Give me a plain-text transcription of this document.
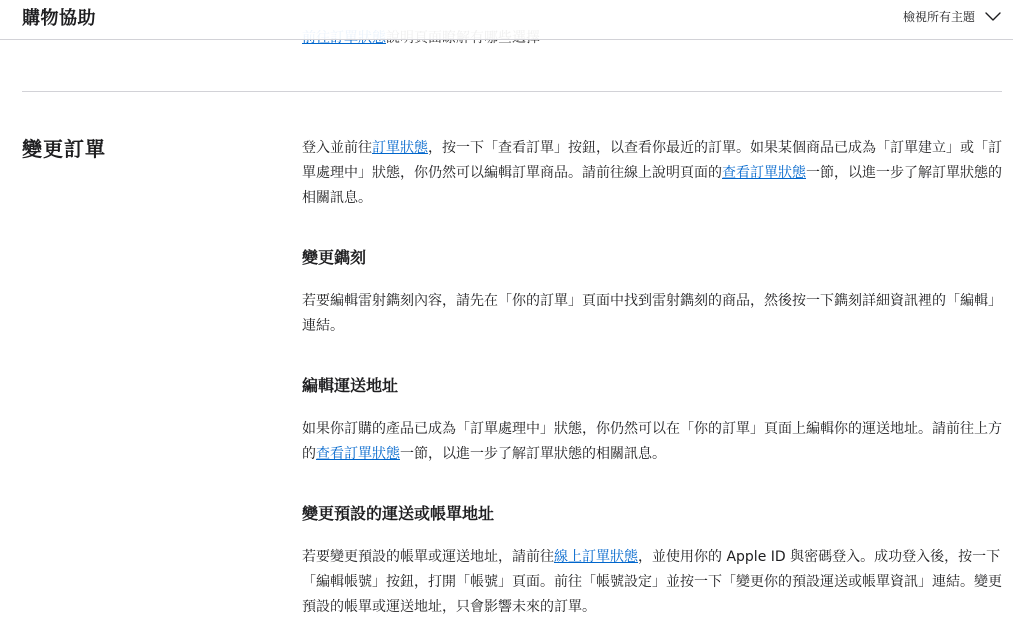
購物協助	檢視所有主題
變更訂單	登入並前往訂單狀態，按一下「查看訂單」按鈕，以查看你最近的訂單。如果某個商品已成為「訂單建立」或「訂單處理中」狀態，你仍然可以編輯訂單商品。請前往線上說明頁面的查看訂單狀態一節，以進一步了解訂單狀態的相關訊息。

變更鐫刻

若要編輯雷射鐫刻內容，請先在「你的訂單」頁面中找到雷射鐫刻的商品，然後按一下鐫刻詳細資訊裡的「編輯」連結。

編輯運送地址

如果你訂購的產品已成為「訂單處理中」狀態，你仍然可以在「你的訂單」頁面上編輯你的運送地址。請前往上方的查看訂單狀態一節，以進一步了解訂單狀態的相關訊息。

變更預設的運送或帳單地址

若要變更預設的帳單或運送地址，請前往線上訂單狀態，並使用你的 Apple ID 與密碼登入。成功登入後，按一下「編輯帳號」按鈕，打開「帳號」頁面。前往「帳號設定」並按一下「變更你的預設運送或帳單資訊」連結。變更預設的帳單或運送地址，只會影響未來的訂單。
